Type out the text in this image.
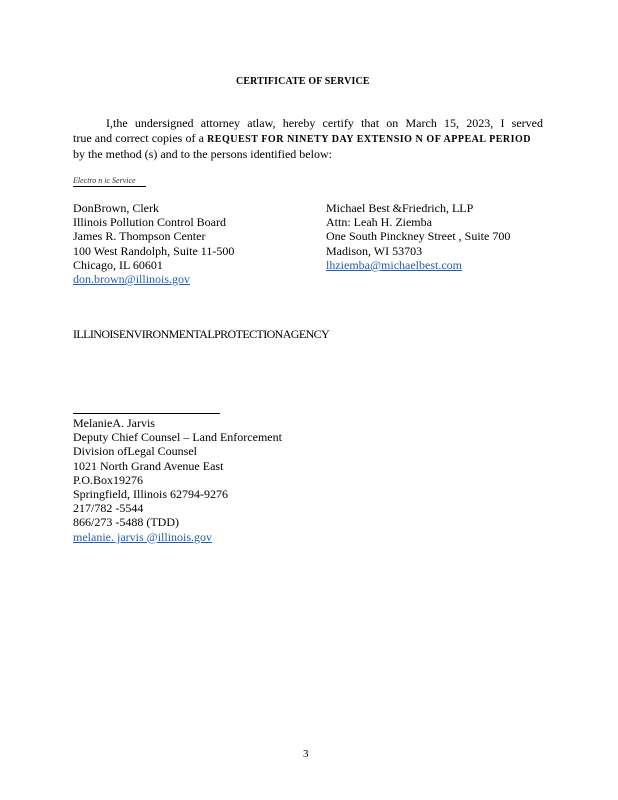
CERTIFICATE OF SERVICE
I,the undersigned attorney atlaw, hereby certify that on March 15, 2023, I served
true and correct copies of a REQUEST FOR NINETY DAY EXTENSIO N OF APPEAL PERIOD
by the method (s) and to the persons identified below:
Electro n ic Service
DonBrown, Clerk
Illinois Pollution Control Board
James R. Thompson Center
100 West Randolph, Suite 11-500
Chicago, IL 60601
don.brown@illinois.gov
Michael Best &Friedrich, LLP
Attn: Leah H. Ziemba
One South Pinckney Street , Suite 700
Madison, WI 53703
lhziemba@michaelbest.com
ILLINOISENVIRONMENTALPROTECTIONAGENCY
MelanieA. Jarvis
Deputy Chief Counsel – Land Enforcement
Division ofLegal Counsel
1021 North Grand Avenue East
P.O.Box19276
Springfield, Illinois 62794-9276
217/782 -5544
866/273 -5488 (TDD)
melanie. jarvis @illinois.gov
3
